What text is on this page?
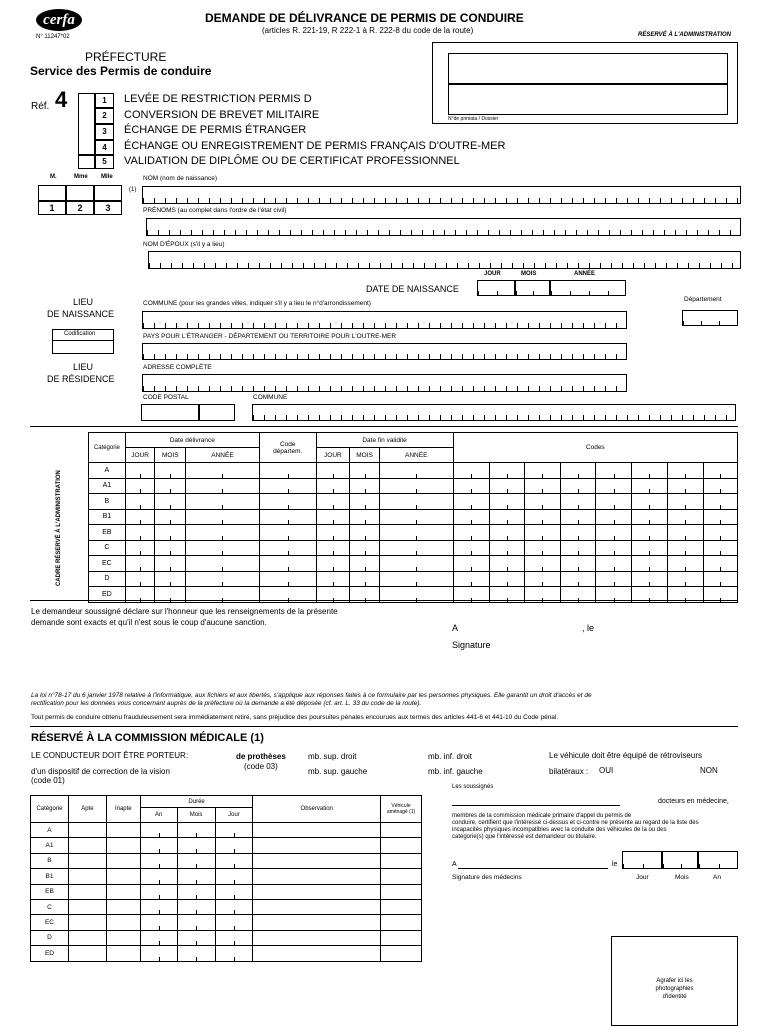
cerfa
N° 11247*02
DEMANDE DE DÉLIVRANCE DE PERMIS DE CONDUIRE
(articles R. 221-19, R 222-1 à R. 222-8 du code de la route)	RÉSERVÉ À L'ADMINISTRATION
PRÉFECTURE
Service des Permis de conduire
N°de primata / Dossier
Réf. 4	1	LEVÉE DE RESTRICTION PERMIS D
2	CONVERSION DE BREVET MILITAIRE
3	ÉCHANGE DE PERMIS ÉTRANGER
4	ÉCHANGE OU ENREGISTREMENT DE PERMIS FRANÇAIS D'OUTRE-MER
5	VALIDATION DE DIPLÔME OU DE CERTIFICAT PROFESSIONNEL
M.	Mme Mlle
1	2	3
NOM (nom de naissance)
(1)
PRÉNOMS (au complet dans l'ordre de l'état civil)
NOM D'ÉPOUX (s'il y a lieu)
JOUR	MOIS	ANNÉE
DATE DE NAISSANCE
LIEU
DE NAISSANCE
COMMUNE (pour les grandes villes, indiquer s'il y a lieu le n°d'arrondissement)
Département
Codification	PAYS POUR L'ÉTRANGER - DÉPARTEMENT OU TERRITOIRE POUR L'OUTRE-MER
LIEU
DE RÉSIDENCE
ADRESSE COMPLÈTE
CODE POSTAL	COMMUNE
CADRE RÉSERVÉ À L'ADMINISTRATION
Catégorie	Date délivrance			Code départem.	Date fin validité			Codes							
	JOUR	MOIS	ANNÉE		JOUR	MOIS	ANNÉE								
A															
A1															
B															
B1															
EB															
C															
EC															
D															
ED															
Le demandeur soussigné déclare sur l'honneur que les renseignements de la présente
demande sont exacts et qu'il n'est sous le coup d'aucune sanction.
A	, le
Signature
La loi n°78-17 du 6 janvier 1978 relative à l'informatique, aux fichiers et aux libertés, s'applique aux réponses faites à ce formulaire par les personnes physiques. Elle garantit un droit d'accès et de
rectification pour les données vous concernant auprès de la préfecture où la demande a été déposée (cf. art. L. 33 du code de la route).
Tout permis de conduire obtenu frauduleusement sera immédiatement retiré, sans préjudice des poursuites pénales encourues aux termes des articles 441-6 et 441-10 du Code pénal.
RÉSERVÉ À LA COMMISSION MÉDICALE (1)
LE CONDUCTEUR DOIT ÊTRE PORTEUR:
d'un dispositif de correction de la vision
(code 01)
de prothèses
(code 03)
mb. sup. droit
mb. sup. gauche
mb. inf. droit
mb. inf. gauche
Le véhicule doit être équipé de rétroviseurs
bilatéraux : OUI	NON
Les soussignés
docteurs en médecine,
membres de la commission médicale primaire d'appel du permis de
conduire, certifient que l'intéressé ci-dessus et ci-contre ne présente au regard de la liste des
incapacités physiques incompatibles avec la conduite des véhicules de la ou des
catégorie(s) que l'intéressé est demandeur ou titulaire.
A	le
Signature des médecins	Jour	Mois	An
Catégorie	Apte	Inapte	Durée			Observation	Véhicule aménagé (1)
			An	Mois	Jour		
A							
A1							
B							
B1							
EB							
C							
EC							
D							
ED							
Agrafer ici les photographies d'identité
